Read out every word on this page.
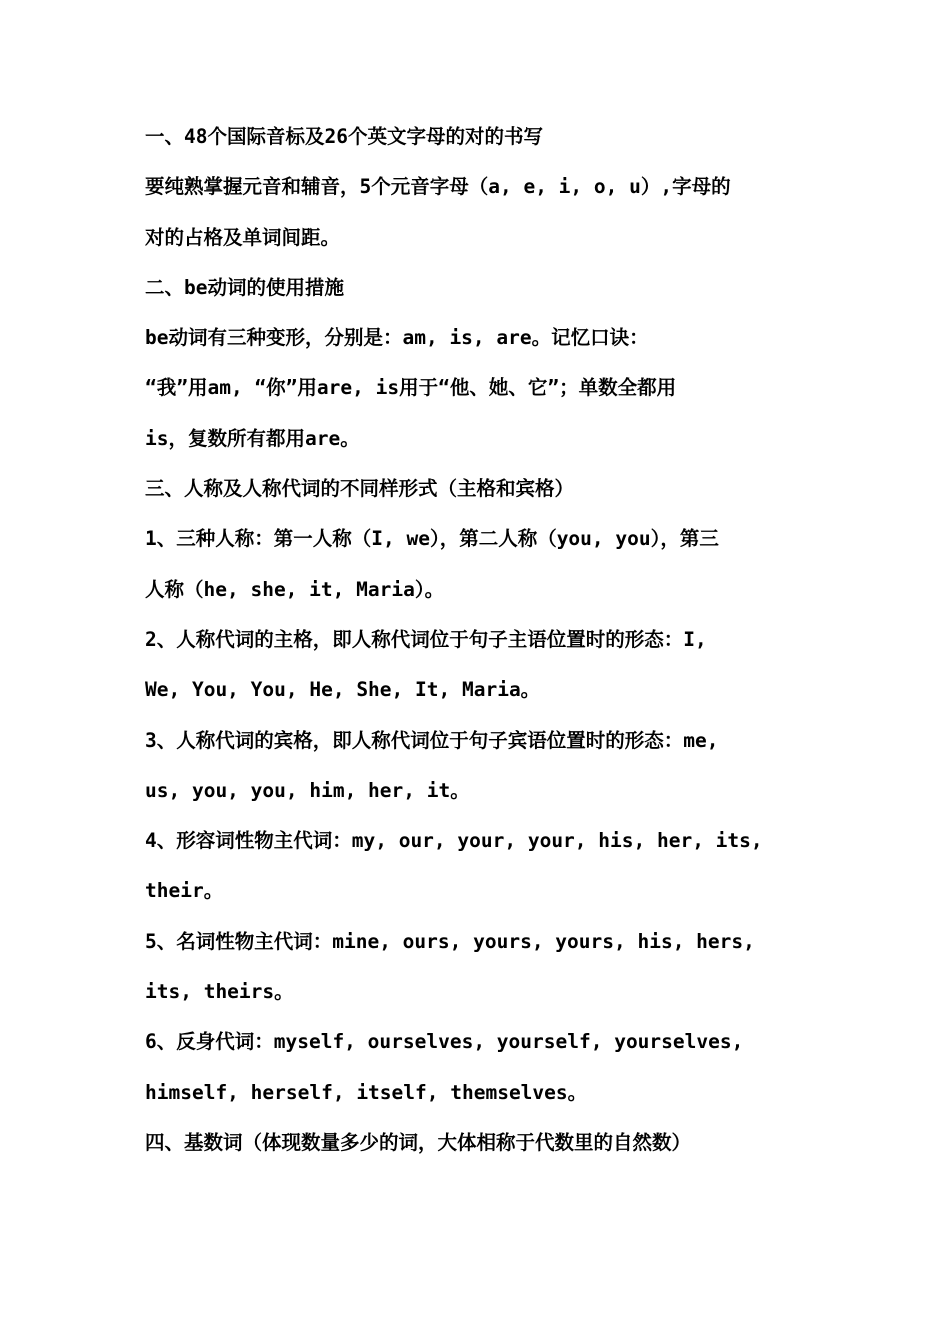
一、48个国际音标及26个英文字母的对的书写
要纯熟掌握元音和辅音，5个元音字母（a, e, i, o, u）,字母的
对的占格及单词间距。
二、be动词的使用措施
be动词有三种变形，分别是：am, is, are。记忆口诀：
“我”用am, “你”用are, is用于“他、她、它”；单数全都用
is，复数所有都用are。
三、人称及人称代词的不同样形式（主格和宾格）
1、三种人称：第一人称（I, we），第二人称（you, you），第三
人称（he, she, it, Maria）。
2、人称代词的主格，即人称代词位于句子主语位置时的形态：I,
We, You, You, He, She, It, Maria。
3、人称代词的宾格，即人称代词位于句子宾语位置时的形态：me,
us, you, you, him, her, it。
4、形容词性物主代词：my, our, your, your, his, her, its,
their。
5、名词性物主代词：mine, ours, yours, yours, his, hers,
its, theirs。
6、反身代词：myself, ourselves, yourself, yourselves,
himself, herself, itself, themselves。
四、基数词（体现数量多少的词，大体相称于代数里的自然数）
